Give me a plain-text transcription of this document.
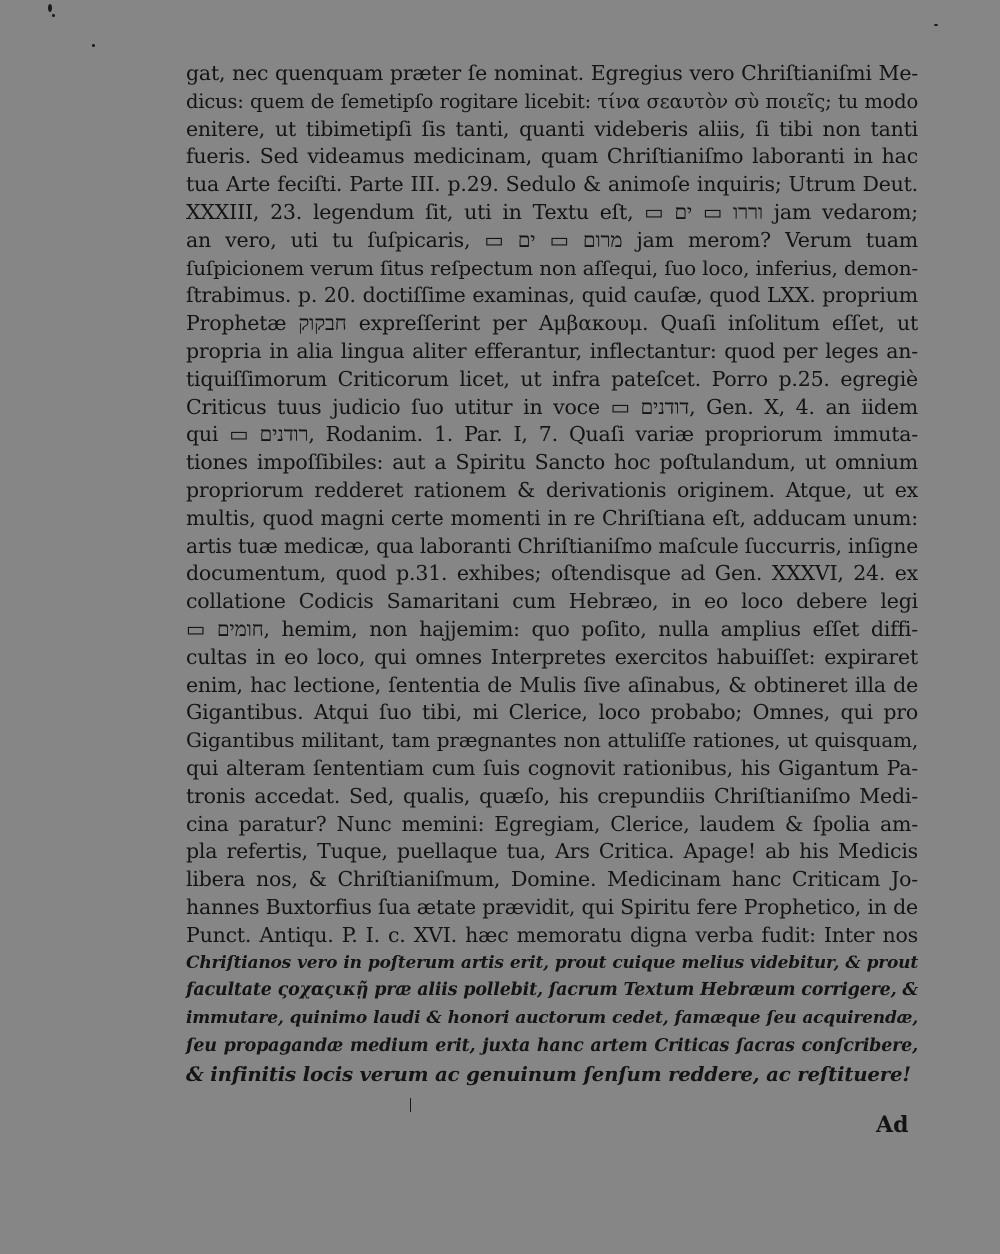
gat, nec quenquam præter ſe nominat. Egregius vero Chriſtianiſmi Me-
dicus: quem de ſemetipſo rogitare licebit: τίνα σεαυτὸν σὺ ποιεῖς; tu modo
enitere, ut tibimetipſi ſis tanti, quanti videberis aliis, ſi tibi non tanti
fueris. Sed videamus medicinam, quam Chriſtianiſmo laboranti in hac
tua Arte feciſti. Parte III. p.29. Sedulo & animoſe inquiris; Utrum Deut.
XXXIII, 23. legendum ſit, uti in Textu eſt, ▭ וררו ▭ ים jam vedarom;
an vero, uti tu ſuſpicaris, ▭ מרום ▭ ים jam merom? Verum tuam
ſuſpicionem verum ſitus reſpectum non aſſequi, ſuo loco, inferius, demon-
ſtrabimus. p. 20. doctiſſime examinas, quid cauſæ, quod LXX. proprium
Prophetæ חבקוק expreſſerint per Αμβακουμ. Quaſi inſolitum eſſet, ut
propria in alia lingua aliter efferantur, inflectantur: quod per leges an-
tiquiſſimorum Criticorum licet, ut infra pateſcet. Porro p.25. egregiè
Criticus tuus judicio ſuo utitur in voce ▭ דודנים, Gen. X, 4. an iidem
qui ▭ רודנים, Rodanim. 1. Par. I, 7. Quaſi variæ propriorum immuta-
tiones impoſſibiles: aut a Spiritu Sancto hoc poſtulandum, ut omnium
propriorum redderet rationem & derivationis originem. Atque, ut ex
multis, quod magni certe momenti in re Chriſtiana eſt, adducam unum:
artis tuæ medicæ, qua laboranti Chriſtianiſmo maſcule ſuccurris, inſigne
documentum, quod p.31. exhibes; oſtendisque ad Gen. XXXVI, 24. ex
collatione Codicis Samaritani cum Hebræo, in eo loco debere legi
▭ חומים, hemim, non hajjemim: quo poſito, nulla amplius eſſet diffi-
cultas in eo loco, qui omnes Interpretes exercitos habuiſſet: expiraret
enim, hac lectione, ſententia de Mulis ſive aſinabus, & obtineret illa de
Gigantibus. Atqui ſuo tibi, mi Clerice, loco probabo; Omnes, qui pro
Gigantibus militant, tam prægnantes non attuliſſe rationes, ut quisquam,
qui alteram ſententiam cum ſuis cognovit rationibus, his Gigantum Pa-
tronis accedat. Sed, qualis, quæſo, his crepundiis Chriſtianiſmo Medi-
cina paratur? Nunc memini: Egregiam, Clerice, laudem & ſpolia am-
pla refertis, Tuque, puellaque tua, Ars Critica. Apage! ab his Medicis
libera nos, & Chriſtianiſmum, Domine. Medicinam hanc Criticam Jo-
hannes Buxtorfius ſua ætate prævidit, qui Spiritu fere Prophetico, in de
Punct. Antiqu. P. I. c. XVI. hæc memoratu digna verba fudit: Inter nos
Chriſtianos vero in poſterum artis erit, prout cuique melius videbitur, & prout
facultate ςοχαςικῇ præ aliis pollebit, ſacrum Textum Hebræum corrigere, &
immutare, quinimo laudi & honori auctorum cedet, famæque ſeu acquirendæ,
ſeu propagandæ medium erit, juxta hanc artem Criticas ſacras conſcribere,
& infinitis locis verum ac genuinum ſenſum reddere, ac reſtituere!
Ad
